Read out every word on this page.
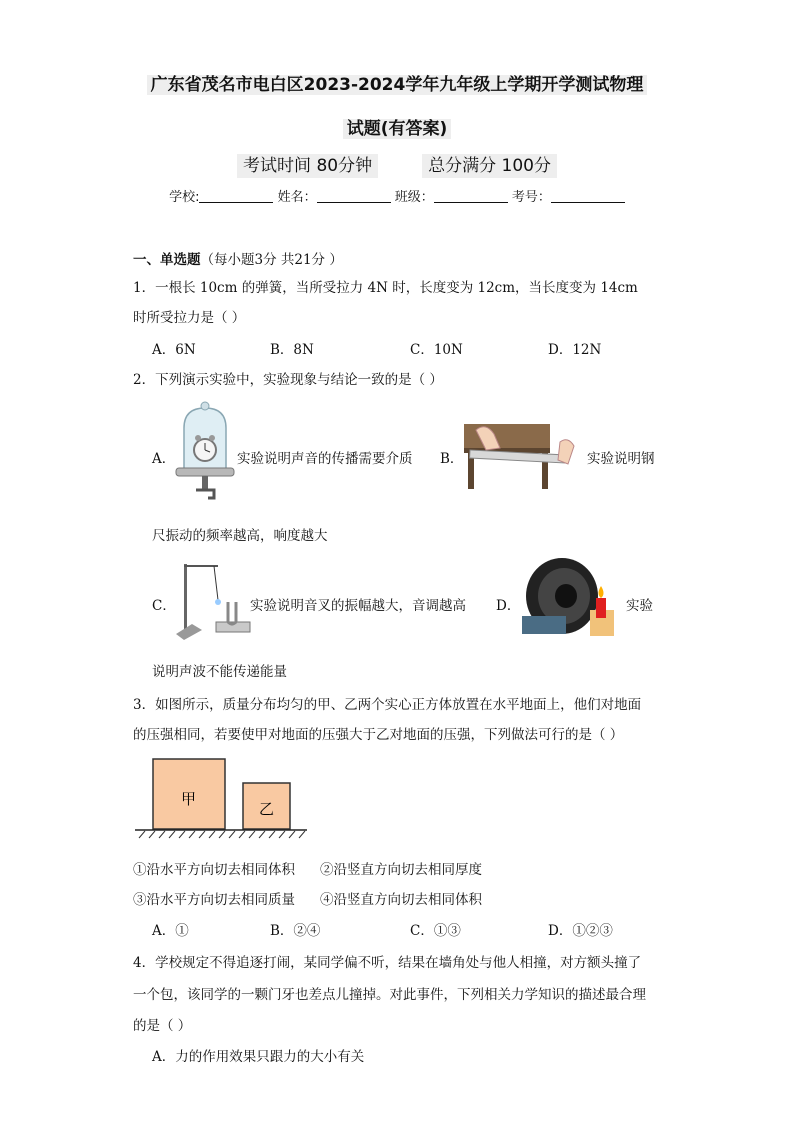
广东省茂名市电白区2023-2024学年九年级上学期开学测试物理
试题(有答案)
考试时间 80分钟	总分满分 100分
学校:	姓名：	班级：	考号：
一、单选题（每小题3分 共21分 ）
1．一根长 10cm 的弹簧，当所受拉力 4N 时，长度变为 12cm，当长度变为 14cm
时所受拉力是（ ）
A．6N	B．8N	C．10N	D．12N
2．下列演示实验中，实验现象与结论一致的是（ ）
A．	实验说明声音的传播需要介质 B．	实验说明钢
尺振动的频率越高，响度越大
C．	实验说明音叉的振幅越大，音调越高 D．	实验
说明声波不能传递能量
3．如图所示，质量分布均匀的甲、乙两个实心正方体放置在水平地面上，他们对地面
的压强相同，若要使甲对地面的压强大于乙对地面的压强，下列做法可行的是（ ）
甲
乙
①沿水平方向切去相同体积 ②沿竖直方向切去相同厚度
③沿水平方向切去相同质量 ④沿竖直方向切去相同体积
A．①	B．②④	C．①③	D．①②③
4．学校规定不得追逐打闹，某同学偏不听，结果在墙角处与他人相撞，对方额头撞了
一个包，该同学的一颗门牙也差点儿撞掉。对此事件，下列相关力学知识的描述最合理
的是（ ）
A．力的作用效果只跟力的大小有关
